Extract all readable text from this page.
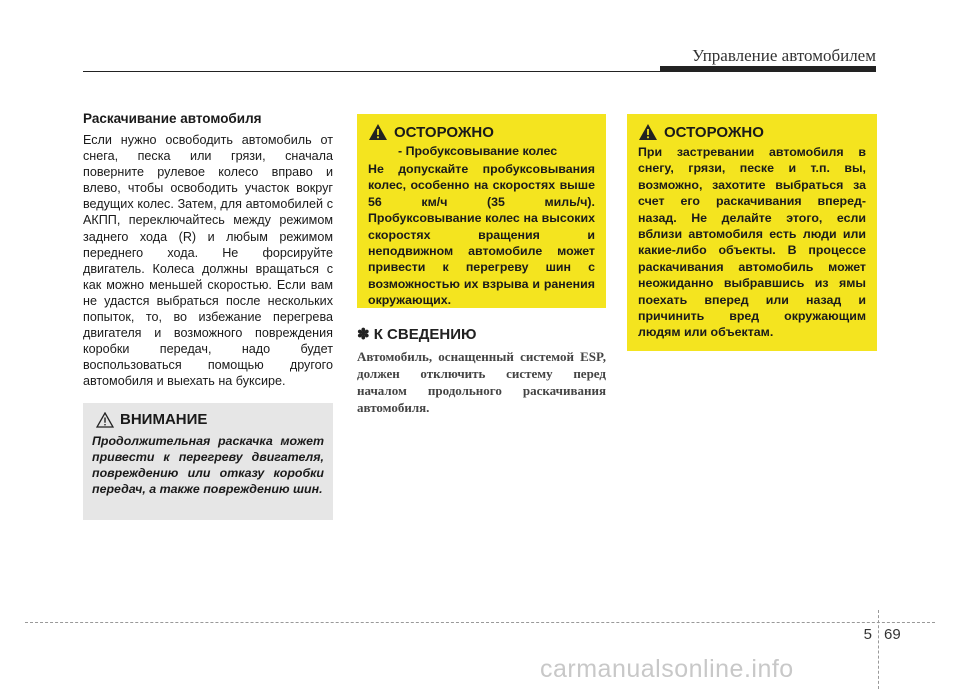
Управление автомобилем
Раскачивание автомобиля
Если нужно освободить автомобиль от снега, песка или грязи, сначала поверните рулевое колесо вправо и влево, чтобы освободить участок вокруг ведущих колес. Затем, для автомобилей с АКПП, переключайтесь между режимом заднего хода (R) и любым режимом переднего хода. Не форсируйте двигатель. Колеса должны вращаться с как можно меньшей скоростью. Если вам не удастся выбраться после нескольких попыток, то, во избежание перегрева двигателя и возможного повреждения коробки передач, надо будет воспользоваться помощью другого автомобиля и выехать на буксире.
ВНИМАНИЕ
Продолжительная раскачка может привести к перегреву двигателя, повреждению или отказу коробки передач, а также повреждению шин.
ОСТОРОЖНО
- Пробуксовывание колес
Не допускайте пробуксовывания колес, особенно на скоростях выше 56 км/ч (35 миль/ч). Пробуксовывание колес на высоких скоростях вращения и неподвижном автомобиле может привести к перегреву шин с возможностью их взрыва и ранения окружающих.
✽ К СВЕДЕНИЮ
Автомобиль, оснащенный системой ESP, должен отключить систему перед началом продольного раскачивания автомобиля.
ОСТОРОЖНО
При застревании автомобиля в снегу, грязи, песке и т.п. вы, возможно, захотите выбраться за счет его раскачивания вперед-назад. Не делайте этого, если вблизи автомобиля есть люди или какие-либо объекты. В процессе раскачивания автомобиль может неожиданно выбравшись из ямы поехать вперед или назад и причинить вред окружающим людям или объектам.
5 69
carmanualsonline.info
